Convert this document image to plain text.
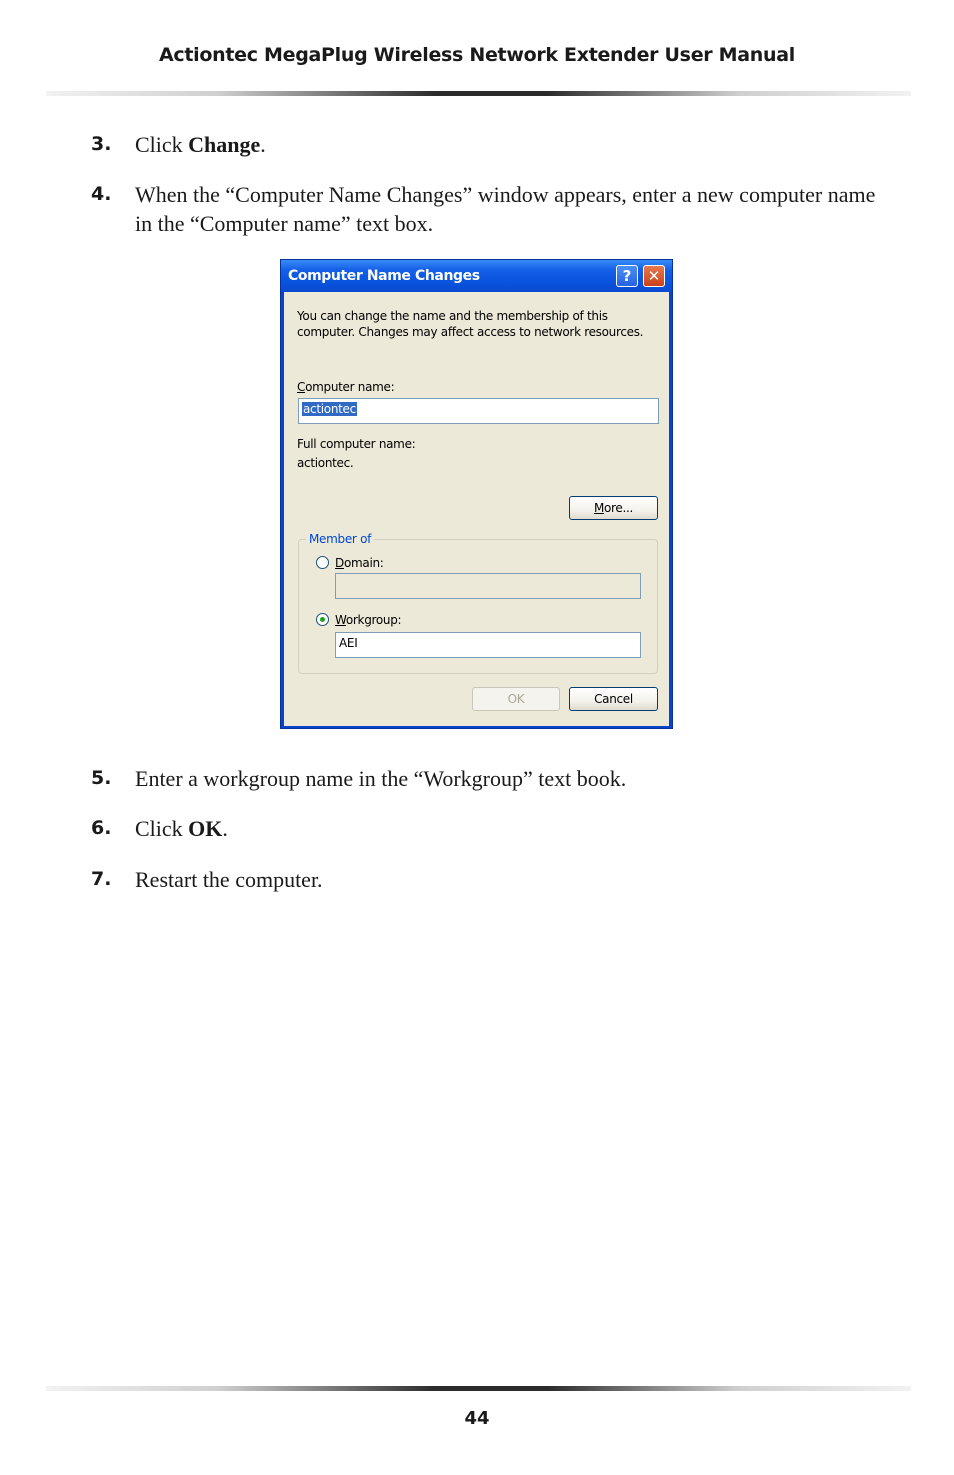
Actiontec MegaPlug Wireless Network Extender User Manual
3. Click Change.
4. When the “Computer Name Changes” window appears, enter a new computer name in the “Computer name” text box.
Computer Name Changes	?	✕
You can change the name and the membership of this computer. Changes may affect access to network resources.
Computer name:
actiontec
Full computer name:
actiontec.
More...
Member of
Domain:
Workgroup:
AEI
OK	Cancel
5. Enter a workgroup name in the “Workgroup” text book.
6. Click OK.
7. Restart the computer.
44
